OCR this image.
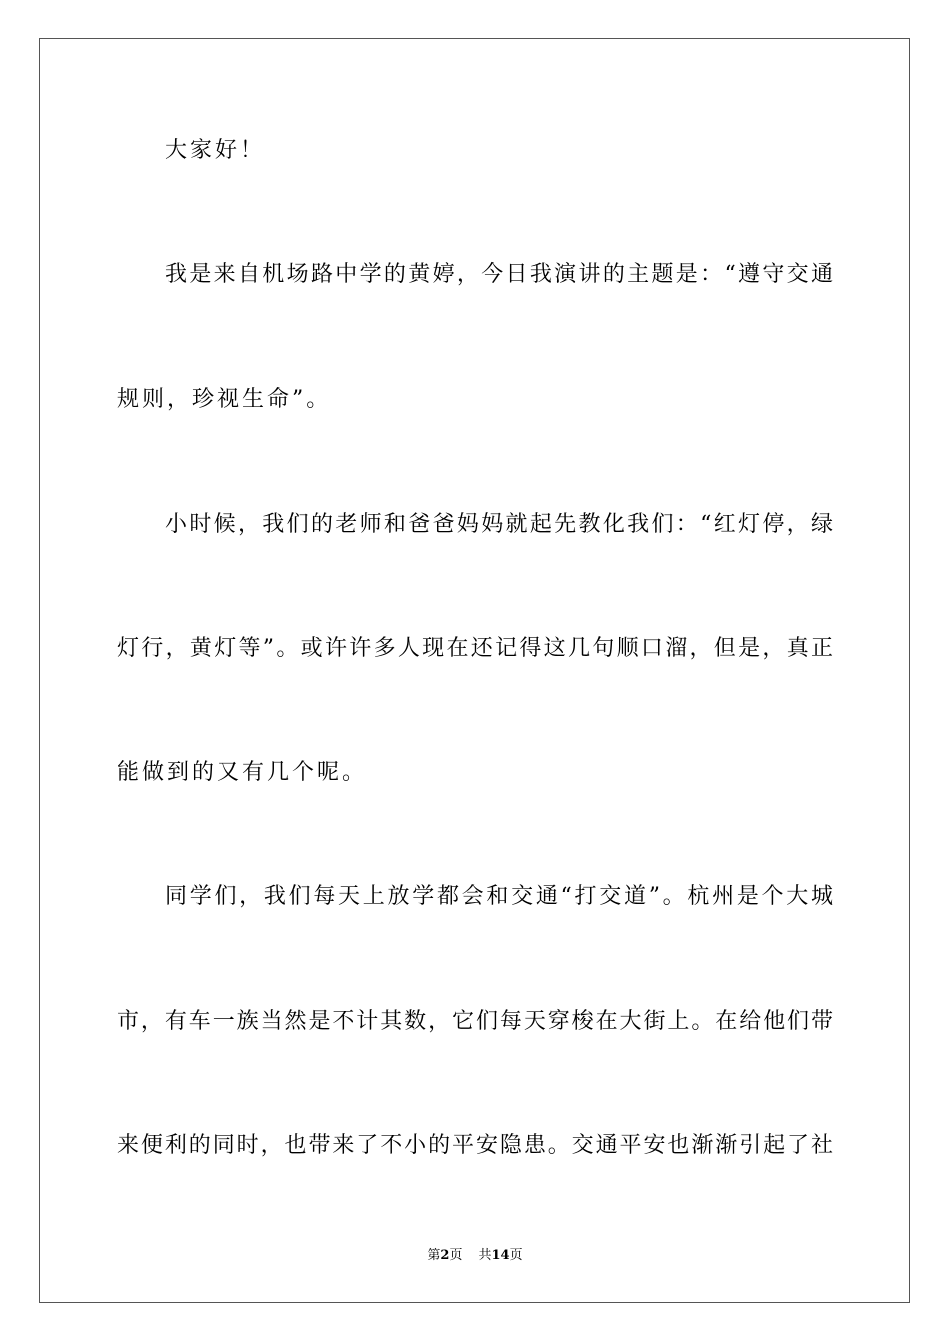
大家好！
我是来自机场路中学的黄婷，今日我演讲的主题是：“遵守交通
规则，珍视生命”。
小时候，我们的老师和爸爸妈妈就起先教化我们：“红灯停，绿
灯行，黄灯等”。或许许多人现在还记得这几句顺口溜，但是，真正
能做到的又有几个呢。
同学们，我们每天上放学都会和交通“打交道”。杭州是个大城
市，有车一族当然是不计其数，它们每天穿梭在大街上。在给他们带
来便利的同时，也带来了不小的平安隐患。交通平安也渐渐引起了社
第2页 共14页
